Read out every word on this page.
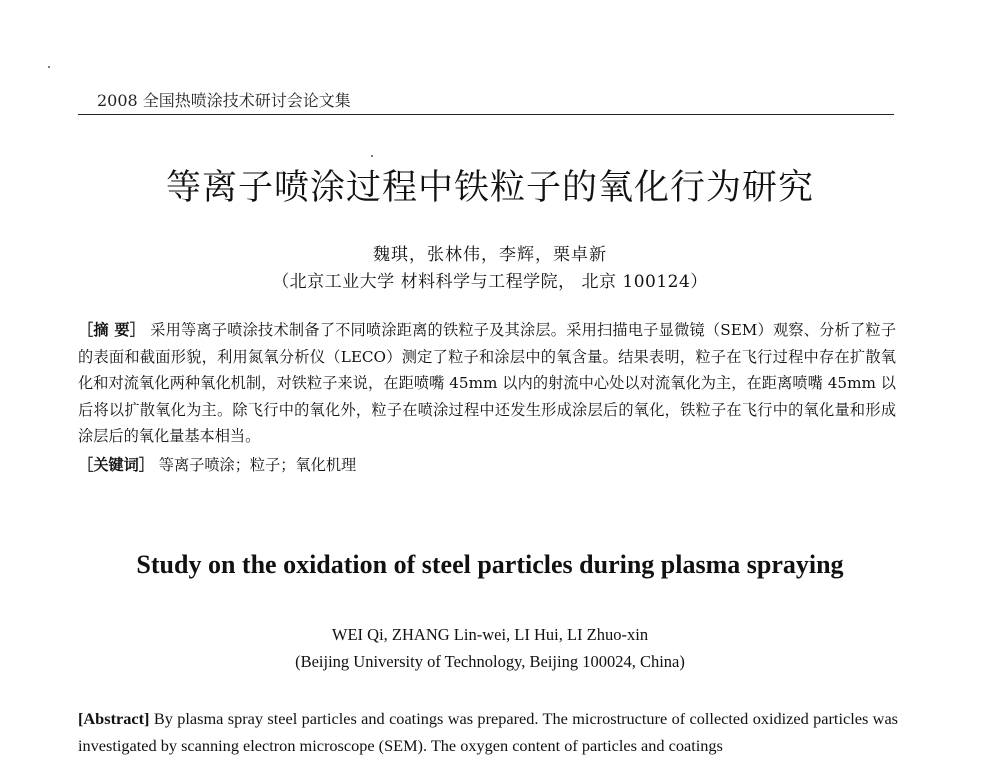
2008 全国热喷涂技术研讨会论文集
等离子喷涂过程中铁粒子的氧化行为研究
魏琪，张林伟，李辉，栗卓新
（北京工业大学 材料科学与工程学院， 北京 100124）
［摘 要］ 采用等离子喷涂技术制备了不同喷涂距离的铁粒子及其涂层。采用扫描电子显微镜（SEM）观察、分析了粒子的表面和截面形貌，利用氮氧分析仪（LECO）测定了粒子和涂层中的氧含量。结果表明，粒子在飞行过程中存在扩散氧化和对流氧化两种氧化机制，对铁粒子来说，在距喷嘴 45mm 以内的射流中心处以对流氧化为主，在距离喷嘴 45mm 以后将以扩散氧化为主。除飞行中的氧化外，粒子在喷涂过程中还发生形成涂层后的氧化，铁粒子在飞行中的氧化量和形成涂层后的氧化量基本相当。
［关键词］ 等离子喷涂；粒子；氧化机理
Study on the oxidation of steel particles during plasma spraying
WEI Qi, ZHANG Lin-wei, LI Hui, LI Zhuo-xin
(Beijing University of Technology, Beijing 100024, China)
[Abstract] By plasma spray steel particles and coatings was prepared. The microstructure of collected oxidized particles was investigated by scanning electron microscope (SEM). The oxygen content of particles and coatings
